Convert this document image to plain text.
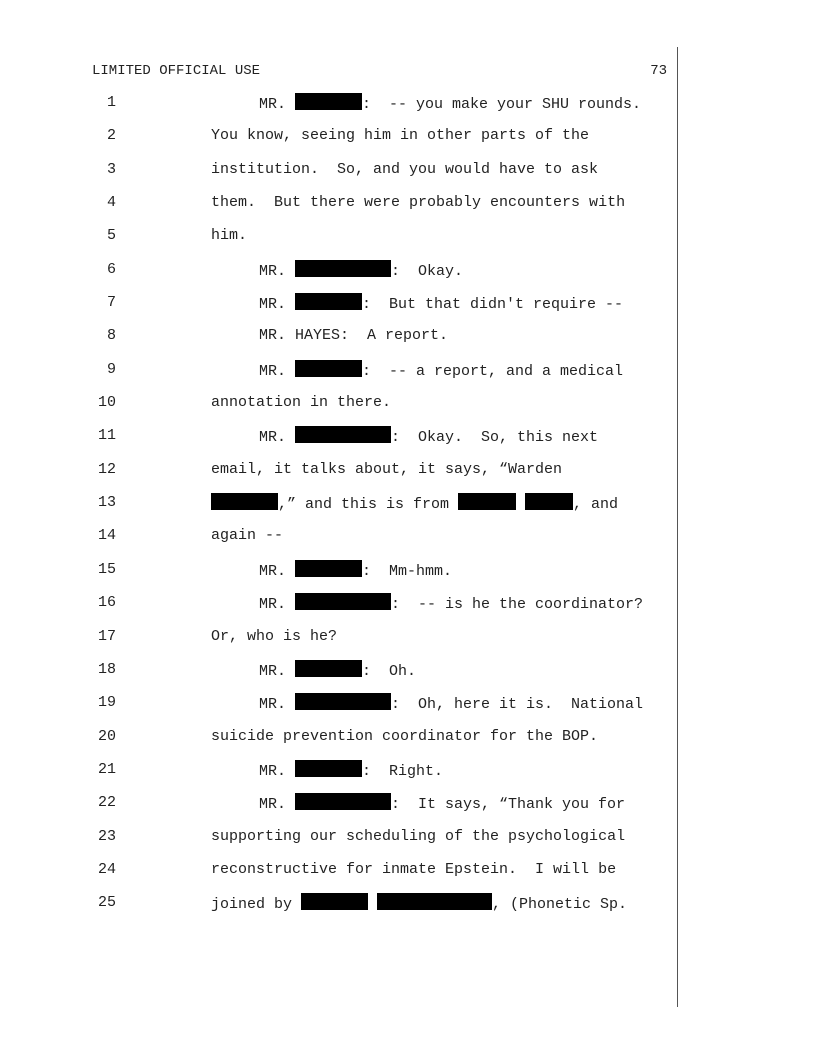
LIMITED OFFICIAL USE	73
1	MR.	:  -- you make your SHU rounds.
2	You know, seeing him in other parts of the
3	institution.  So, and you would have to ask
4	them.  But there were probably encounters with
5	him.
6	MR.	:  Okay.
7	MR.	:  But that didn't require --
8	MR. HAYES:  A report.
9	MR.	:  -- a report, and a medical
10	annotation in there.
11	MR.	:  Okay.  So, this next
12	email, it talks about, it says, “Warden
13	,” and this is from	, and
14	again --
15	MR.	:  Mm-hmm.
16	MR.	:  -- is he the coordinator?
17	Or, who is he?
18	MR.	:  Oh.
19	MR.	:  Oh, here it is.  National
20	suicide prevention coordinator for the BOP.
21	MR.	:  Right.
22	MR.	:  It says, “Thank you for
23	supporting our scheduling of the psychological
24	reconstructive for inmate Epstein.  I will be
25	joined by	, (Phonetic Sp.
